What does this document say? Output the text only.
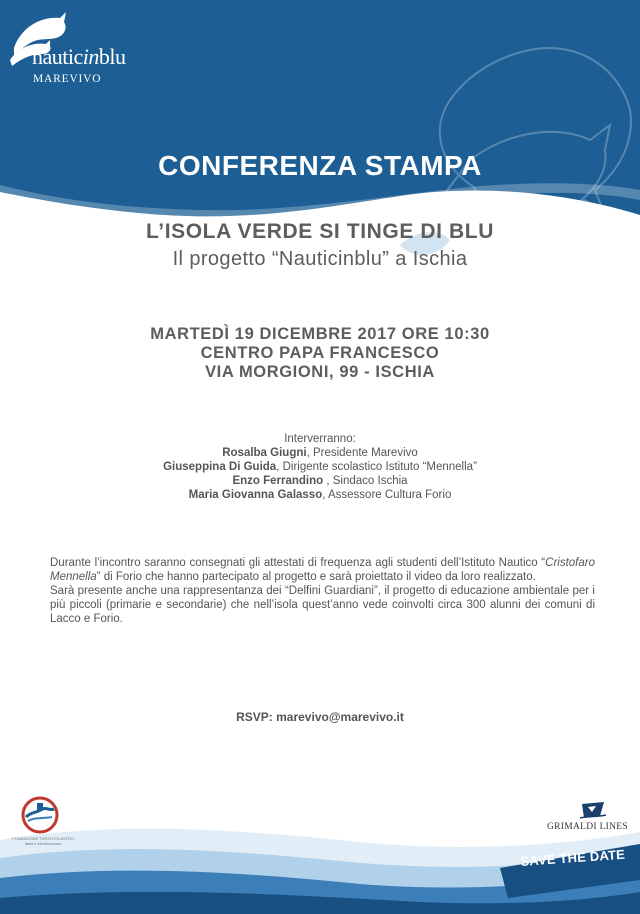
nauticinblu
MAREVIVO
CONFERENZA STAMPA
L’ISOLA VERDE SI TINGE DI BLU
Il progetto “Nauticinblu” a Ischia
MARTEDÌ 19 DICEMBRE 2017 ORE 10:30
CENTRO PAPA FRANCESCO
VIA MORGIONI, 99 - ISCHIA
Interverranno:
Rosalba Giugni, Presidente Marevivo
Giuseppina Di Guida, Dirigente scolastico Istituto “Mennella”
Enzo Ferrandino , Sindaco Ischia
Maria Giovanna Galasso, Assessore Cultura Forio
Durante l’incontro saranno consegnati gli attestati di frequenza agli studenti dell’Istituto Nautico “Cristofaro Mennella” di Forio che hanno partecipato al progetto e sarà proiettato il video da loro realizzato.
Sarà presente anche una rappresentanza dei “Delfini Guardiani”, il progetto di educazione ambientale per i più piccoli (primarie e secondarie) che nell’isola quest’anno vede coinvolti circa 300 alunni dei comuni di Lacco e Forio.
RSVP: marevivo@marevivo.it
FONDAZIONE TERZO PILASTRO
Italia e Mediterraneo
GRIMALDI LINES
SAVE THE DATE
